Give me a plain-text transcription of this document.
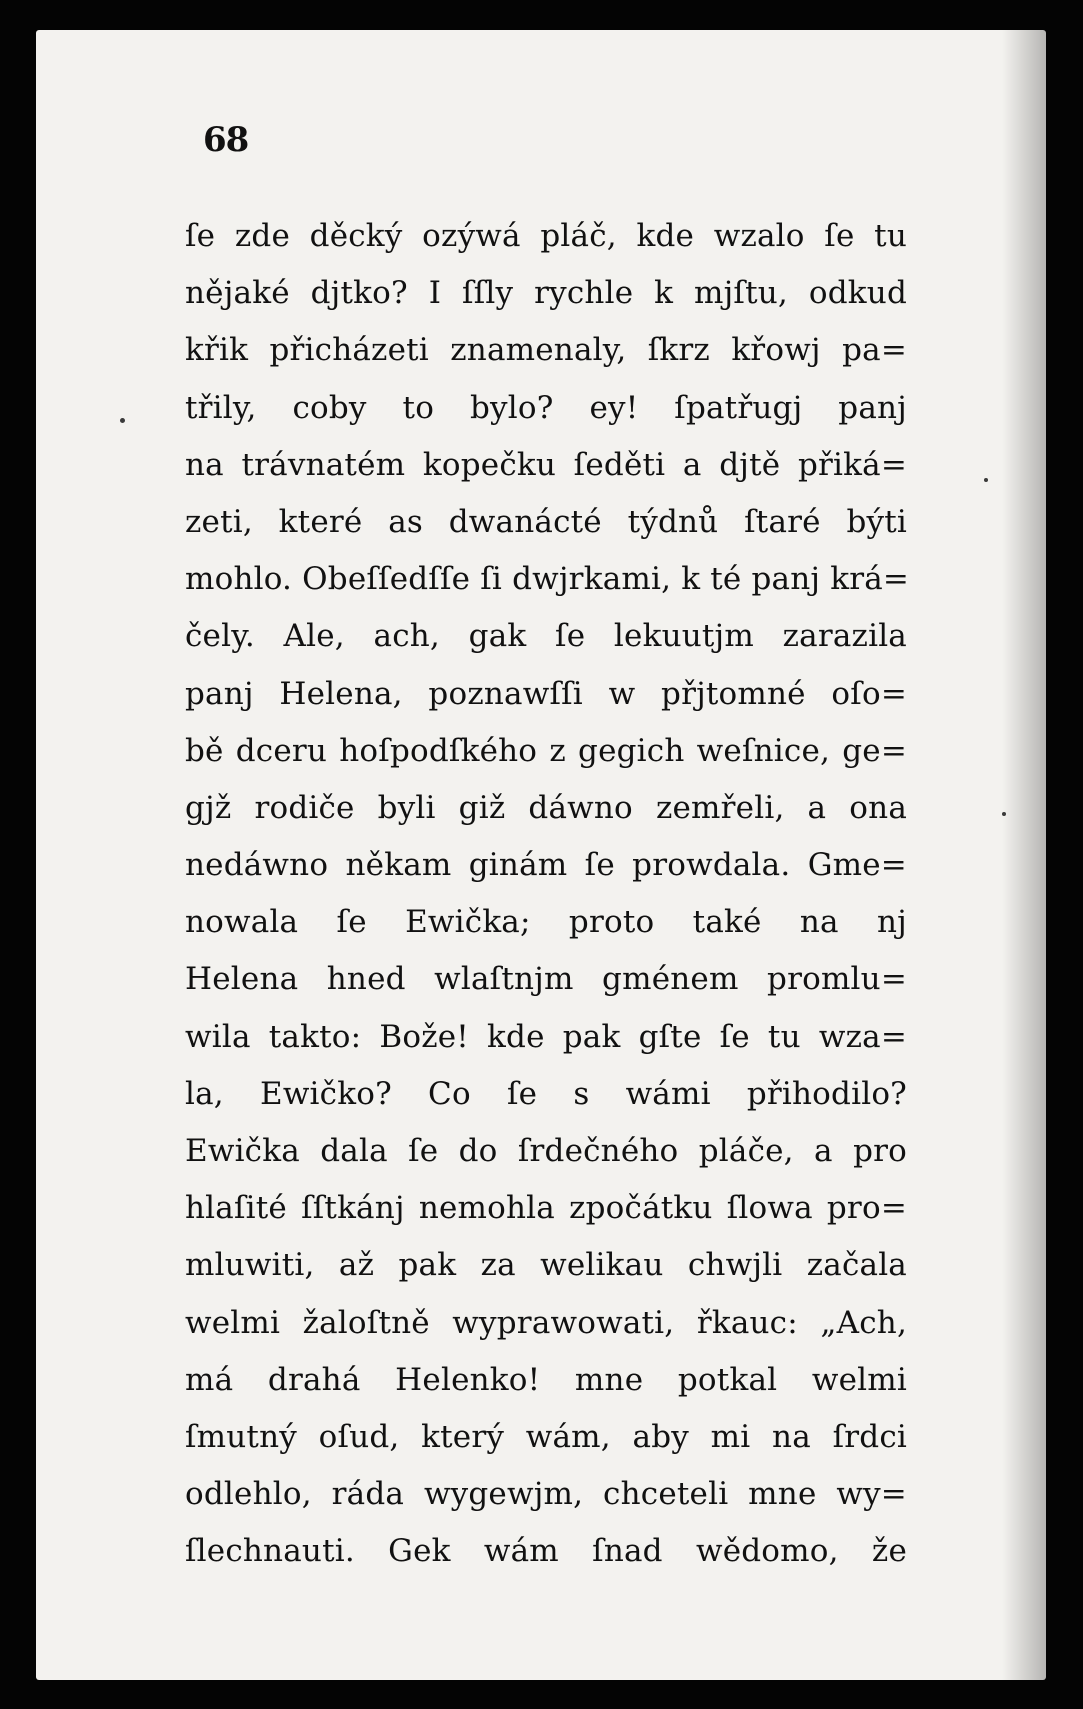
68
ſe zde děcký ozýwá pláč, kde wzalo ſe tu
nějaké djtko? I ſſly rychle k mjſtu, odkud
křik přicházeti znamenaly, ſkrz křowj pa=
třily, coby to bylo? ey! ſpatřugj panj
na trávnatém kopečku ſeděti a djtě přiká=
zeti, které as dwanácté týdnů ſtaré býti
mohlo. Obeſſedſſe ſi dwjrkami, k té panj krá=
čely. Ale, ach, gak ſe lekuutjm zarazila
panj Helena, poznawſſi w přjtomné oſo=
bě dceru hoſpodſkého z gegich weſnice, ge=
gjž rodiče byli giž dáwno zemřeli, a ona
nedáwno někam ginám ſe prowdala. Gme=
nowala ſe Ewička; proto také na nj
Helena hned wlaſtnjm gménem promlu=
wila takto: Bože! kde pak gſte ſe tu wza=
la, Ewičko? Co ſe s wámi přihodilo?
Ewička dala ſe do ſrdečného pláče, a pro
hlaſité ſſtkánj nemohla zpočátku ſlowa pro=
mluwiti, až pak za welikau chwjli začala
welmi žaloſtně wyprawowati, řkauc: „Ach,
má drahá Helenko! mne potkal welmi
ſmutný oſud, který wám, aby mi na ſrdci
odlehlo, ráda wygewjm, chceteli mne wy=
ſlechnauti. Gek wám ſnad wědomo, že
